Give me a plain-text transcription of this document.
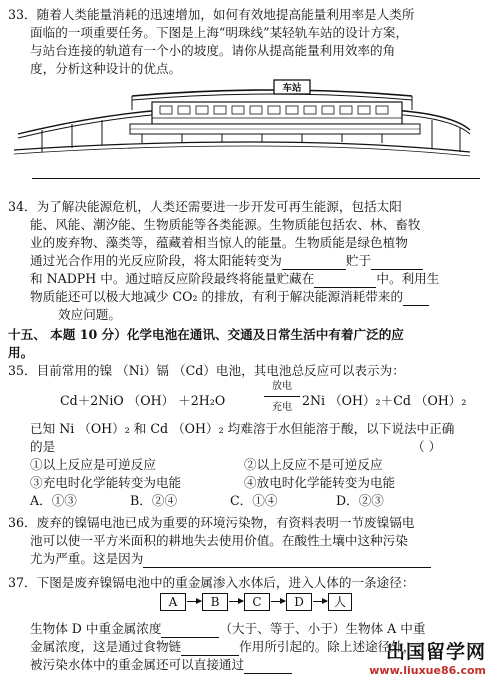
33．随着人类能量消耗的迅速增加，如何有效地提高能量利用率是人类所
面临的一项重要任务。下图是上海“明珠线”某轻轨车站的设计方案，
与站台连接的轨道有一个小的坡度。请你从提高能量利用效率的角
度，分析这种设计的优点。
车站
34．为了解决能源危机，人类还需要进一步开发可再生能源，包括太阳
能、风能、潮汐能、生物质能等各类能源。生物质能包括农、林、畜牧
业的废弃物、藻类等，蕴藏着相当惊人的能量。生物质能是绿色植物
通过光合作用的光反应阶段，将太阳能转变为	贮于
和 NADPH 中。通过暗反应阶段最终将能量贮藏在	中。利用生
物质能还可以极大地减少 CO₂ 的排放，有利于解决能源消耗带来的
效应问题。
十五、 本题 10 分）化学电池在通讯、交通及日常生活中有着广泛的应
用。
35．目前常用的镍 （Ni）镉 （Cd）电池，其电池总反应可以表示为：
Cd＋2NiO （OH） ＋2H₂O
放电
充电 2Ni （OH）₂＋Cd （OH）₂
已知 Ni （OH）₂ 和 Cd （OH）₂ 均难溶于水但能溶于酸，以下说法中正确
的是	（ ）
①以上反应是可逆反应	②以上反应不是可逆反应
③充电时化学能转变为电能	④放电时化学能转变为电能
A．①③	B．②④	C．①④	D．②③
36．废弃的镍镉电池已成为重要的环境污染物，有资料表明一节废镍镉电
池可以使一平方米面积的耕地失去使用价值。在酸性土壤中这种污染
尤为严重。这是因为
37．下图是废弃镍镉电池中的重金属渗入水体后，进入人体的一条途径：
A	B	C	D	人
生物体 D 中重金属浓度	（大于、等于、小于）生物体 A 中重
金属浓度，这是通过食物链	作用所引起的。除上述途径外，
被污染水体中的重金属还可以直接通过
出国留学网
www.liuxue86.com
